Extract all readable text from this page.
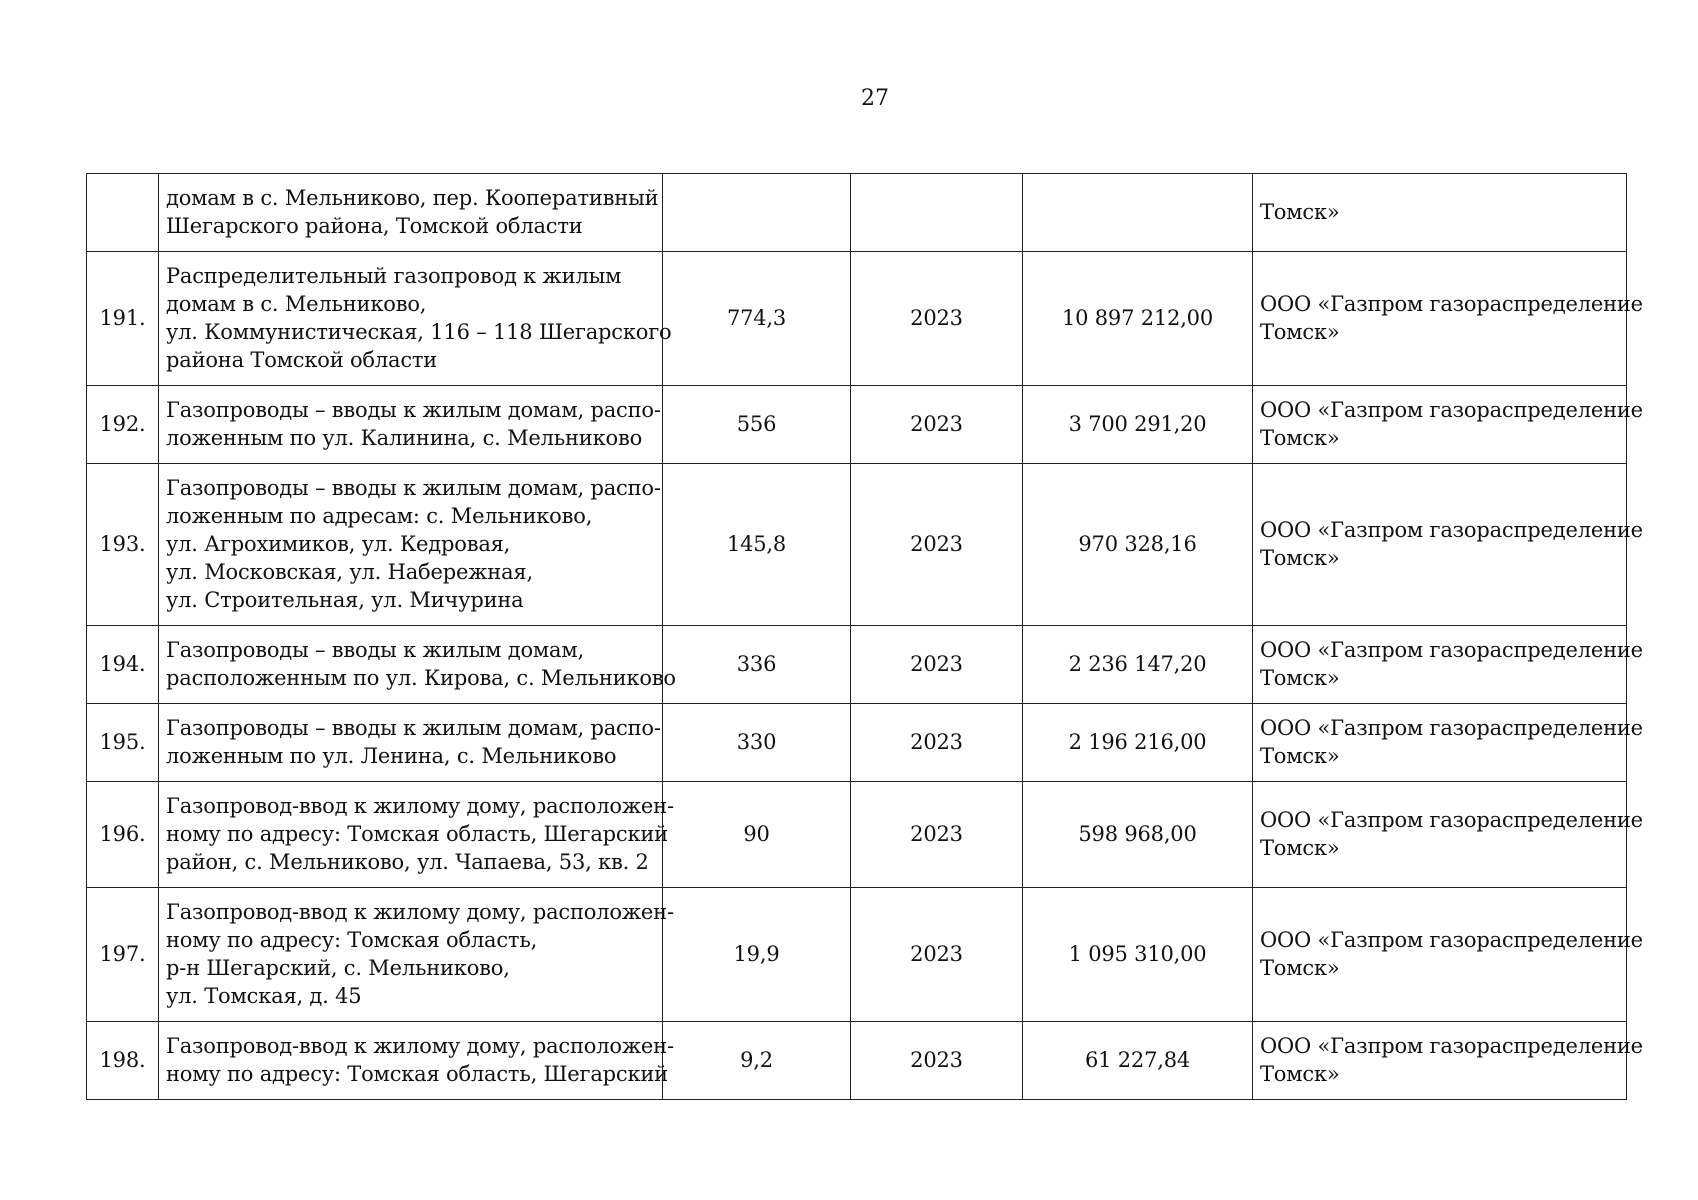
27

	домам в с. Мельниково, пер. Кооперативный
Шегарского района, Томской области				Томск»

191.	Распределительный газопровод к жилым
домам в с. Мельниково,
ул. Коммунистическая, 116 – 118 Шегарского
района Томской области	774,3	2023	10 897 212,00	ООО «Газпром газораспределение
Томск»

192.	Газопроводы – вводы к жилым домам, распо-
ложенным по ул. Калинина, с. Мельниково	556	2023	3 700 291,20	ООО «Газпром газораспределение
Томск»

193.	Газопроводы – вводы к жилым домам, распо-
ложенным по адресам: с. Мельниково,
ул. Агрохимиков, ул. Кедровая,
ул. Московская, ул. Набережная,
ул. Строительная, ул. Мичурина	145,8	2023	970 328,16	ООО «Газпром газораспределение
Томск»

194.	Газопроводы – вводы к жилым домам,
расположенным по ул. Кирова, с. Мельниково	336	2023	2 236 147,20	ООО «Газпром газораспределение
Томск»

195.	Газопроводы – вводы к жилым домам, распо-
ложенным по ул. Ленина, с. Мельниково	330	2023	2 196 216,00	ООО «Газпром газораспределение
Томск»

196.	Газопровод-ввод к жилому дому, расположен-
ному по адресу: Томская область, Шегарский
район, с. Мельниково, ул. Чапаева, 53, кв. 2	90	2023	598 968,00	ООО «Газпром газораспределение
Томск»

197.	Газопровод-ввод к жилому дому, расположен-
ному по адресу: Томская область,
р-н Шегарский, с. Мельниково,
ул. Томская, д. 45	19,9	2023	1 095 310,00	ООО «Газпром газораспределение
Томск»

198.	Газопровод-ввод к жилому дому, расположен-
ному по адресу: Томская область, Шегарский	9,2	2023	61 227,84	ООО «Газпром газораспределение
Томск»
